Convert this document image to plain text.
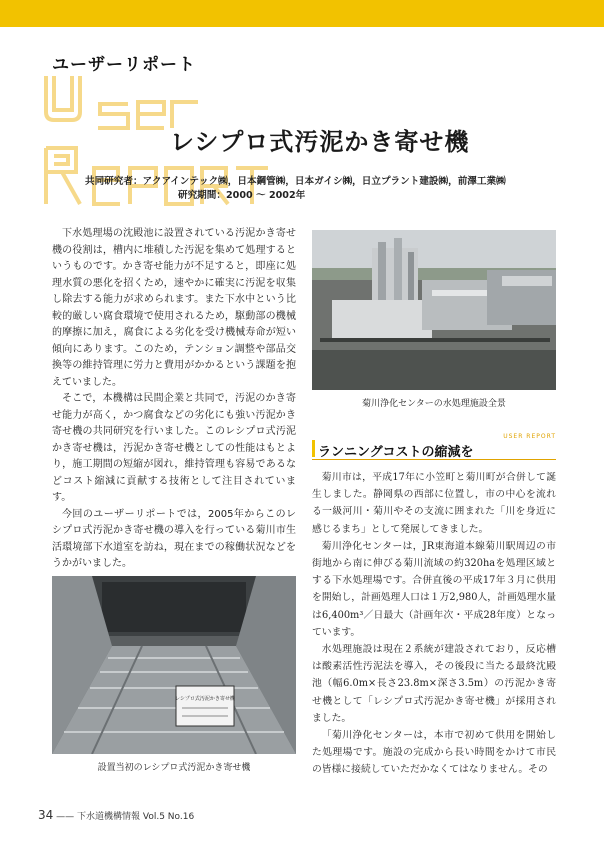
ユーザーリポート
レシプロ式汚泥かき寄せ機
共同研究者：アクアインテック㈱，日本鋼管㈱，日本ガイシ㈱，日立プラント建設㈱，前澤工業㈱
研究期間：2000 〜 2002年

下水処理場の沈殿池に設置されている汚泥かき寄せ機の役割は，槽内に堆積した汚泥を集めて処理するというものです。かき寄せ能力が不足すると，即座に処理水質の悪化を招くため，速やかに確実に汚泥を収集し除去する能力が求められます。また下水中という比較的厳しい腐食環境で使用されるため，駆動部の機械的摩擦に加え，腐食による劣化を受け機械寿命が短い傾向にあります。このため，テンション調整や部品交換等の維持管理に労力と費用がかかるという課題を抱えていました。

そこで，本機構は民間企業と共同で，汚泥のかき寄せ能力が高く，かつ腐食などの劣化にも強い汚泥かき寄せ機の共同研究を行いました。このレシプロ式汚泥かき寄せ機は，汚泥かき寄せ機としての性能はもとより，施工期間の短縮が図れ，維持管理も容易であるなどコスト縮減に貢献する技術として注目されています。

今回のユーザーリポートでは，2005年からこのレシプロ式汚泥かき寄せ機の導入を行っている菊川市生活環境部下水道室を訪ね，現在までの稼働状況などをうかがいました。

菊川浄化センターの水処理施設全景
USER REPORT
ランニングコストの縮減を

菊川市は，平成17年に小笠町と菊川町が合併して誕生しました。静岡県の西部に位置し，市の中心を流れる一級河川・菊川やその支流に囲まれた「川を身近に感じるまち」として発展してきました。

菊川浄化センターは，JR東海道本線菊川駅周辺の市街地から南に伸びる菊川流域の約320haを処理区域とする下水処理場です。合併直後の平成17年３月に供用を開始し，計画処理人口は１万2,980人，計画処理水量は6,400m³／日最大（計画年次・平成28年度）となっています。

水処理施設は現在２系統が建設されており，反応槽は酸素活性汚泥法を導入，その後段に当たる最終沈殿池（幅6.0m×長さ23.8m×深さ3.5m）の汚泥かき寄せ機として「レシプロ式汚泥かき寄せ機」が採用されました。

「菊川浄化センターは，本市で初めて供用を開始した処理場です。施設の完成から長い時間をかけて市民の皆様に接続していただかなくてはなりません。その

レシプロ式汚泥かき寄せ機
設置当初のレシプロ式汚泥かき寄せ機
34 —— 下水道機構情報 Vol.5 No.16
